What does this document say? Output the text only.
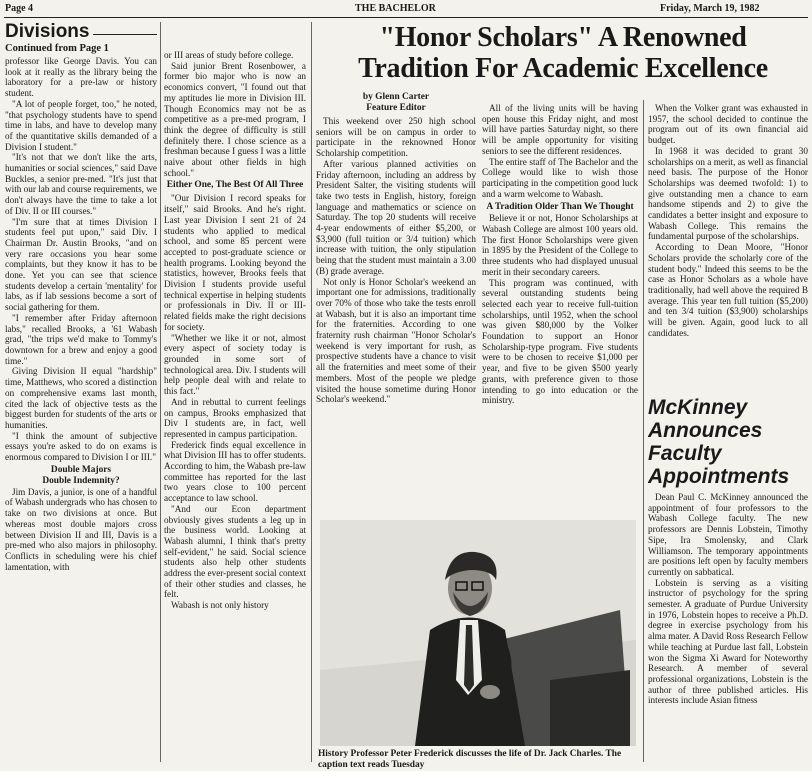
Page 4	THE BACHELOR	Friday, March 19, 1982
Divisions
Continued from Page 1

professor like George Davis. You can look at it really as the library being the laboratory for a pre-law or history student.

"A lot of people forget, too," he noted, "that psychology students have to spend time in labs, and have to develop many of the quantitative skills demanded of a Division I student."

"It's not that we don't like the arts, humanities or social sciences," said Dave Buckles, a senior pre-med. "It's just that with our lab and course requirements, we don't always have the time to take a lot of Div. II or III courses."

"I'm sure that at times Division I students feel put upon," said Div. I Chairman Dr. Austin Brooks, "and on very rare occasions you hear some complaints, but they know it has to be done. Yet you can see that science students develop a certain 'mentality' for labs, as if lab sessions become a sort of social gathering for them.

"I remember after Friday afternoon labs," recalled Brooks, a '61 Wabash grad, "the trips we'd make to Tommy's downtown for a brew and enjoy a good time."

Giving Division II equal "hardship" time, Matthews, who scored a distinction on comprehensive exams last month, cited the lack of objective tests as the biggest burden for students of the arts or humanities.

"I think the amount of subjective essays you're asked to do on exams is enormous compared to Division I or III."

Double Majors

Double Indemnity?

Jim Davis, a junior, is one of a handful of Wabash undergrads who has chosen to take on two divisions at once. But whereas most double majors cross between Division II and III, Davis is a pre-med who also majors in philosophy. Conflicts in scheduling were his chief lamentation, with

or III areas of study before college.

Said junior Brent Rosenbower, a former bio major who is now an economics convert, "I found out that my aptitudes lie more in Division III. Though Economics may not be as competitive as a pre-med program, I think the degree of difficulty is still definitely there. I chose science as a freshman because I guess I was a little naive about other fields in high school."

Either One, The Best Of All Three

"Our Division I record speaks for itself," said Brooks. And he's right. Last year Division I sent 21 of 24 students who applied to medical school, and some 85 percent were accepted to post-graduate science or health programs. Looking beyond the statistics, however, Brooks feels that Division I students provide useful technical expertise in helping students or professionals in Div. II or III-related fields make the right decisions for society.

"Whether we like it or not, almost every aspect of society today is grounded in some sort of technological area. Div. I students will help people deal with and relate to this fact."

And in rebuttal to current feelings on campus, Brooks emphasized that Div I students are, in fact, well represented in campus participation.

Frederick finds equal excellence in what Division III has to offer students. According to him, the Wabash pre-law committee has reported for the last two years close to 100 percent acceptance to law school.

"And our Econ department obviously gives students a leg up in the business world. Looking at Wabash alumni, I think that's pretty self-evident," he said. Social science students also help other students address the ever-present social context of their other studies and classes, he felt.

Wabash is not only history

"Honor Scholars" A Renowned

Tradition For Academic Excellence

by Glenn Carter

Feature Editor

This weekend over 250 high school seniors will be on campus in order to participate in the reknowned Honor Scholarship competition.

After various planned activities on Friday afternoon, including an address by President Salter, the visiting students will take two tests in English, history, foreign language and mathematics or science on Saturday. The top 20 students will receive 4-year endowments of either $5,200, or $3,900 (full tuition or 3/4 tuition) which increase with tuition, the only stipulation being that the student must maintain a 3.00 (B) grade average.

Not only is Honor Scholar's weekend an important one for admissions, traditionally over 70% of those who take the tests enroll at Wabash, but it is also an important time for the fraternities. According to one fraternity rush chairman "Honor Scholar's weekend is very important for rush, as prospective students have a chance to visit all the fraternities and meet some of their members. Most of the people we pledge visited the house sometime during Honor Scholar's weekend."

All of the living units will be having open house this Friday night, and most will have parties Saturday night, so there will be ample opportunity for visiting seniors to see the different residences.

The entire staff of The Bachelor and the College would like to wish those participating in the competition good luck and a warm welcome to Wabash.

A Tradition Older Than We Thought

Believe it or not, Honor Scholarships at Wabash College are almost 100 years old. The first Honor Scholarships were given in 1895 by the President of the College to three students who had displayed unusual merit in their secondary careers.

This program was continued, with several outstanding students being selected each year to receive full-tuition scholarships, until 1952, when the school was given $80,000 by the Volker Foundation to support an Honor Scholarship-type program. Five students were to be chosen to receive $1,000 per year, and five to be given $500 yearly grants, with preference given to those intending to go into education or the ministry.

When the Volker grant was exhausted in 1957, the school decided to continue the program out of its own financial aid budget.

In 1968 it was decided to grant 30 scholarships on a merit, as well as financial need basis. The purpose of the Honor Scholarships was deemed twofold: 1) to give outstanding men a chance to earn handsome stipends and 2) to give the candidates a better insight and exposure to Wabash College. This remains the fundamental purpose of the scholarships.

According to Dean Moore, "Honor Scholars provide the scholarly core of the student body." Indeed this seems to be the case as Honor Scholars as a whole have traditionally, had well above the required B average. This year ten full tuition ($5,200) and ten 3/4 tuition ($3,900) scholarships will be given. Again, good luck to all candidates.

McKinney Announces Faculty Appointments

Dean Paul C. McKinney announced the appointment of four professors to the Wabash College faculty. The new professors are Dennis Lobstein, Timothy Sipe, Ira Smolensky, and Clark Williamson. The temporary appointments are positions left open by faculty members currently on sabbatical.

Lobstein is serving as a visiting instructor of psychology for the spring semester. A graduate of Purdue University in 1976, Lobstein hopes to receive a Ph.D. degree in exercise psychology from his alma mater. A David Ross Research Fellow while teaching at Purdue last fall, Lobstein won the Sigma Xi Award for Noteworthy Research. A member of several professional organizations, Lobstein is the author of three published articles. His interests include Asian fitness

History Professor Peter Frederick discusses the life of Dr. Jack Charles. The caption text reads Tuesday
